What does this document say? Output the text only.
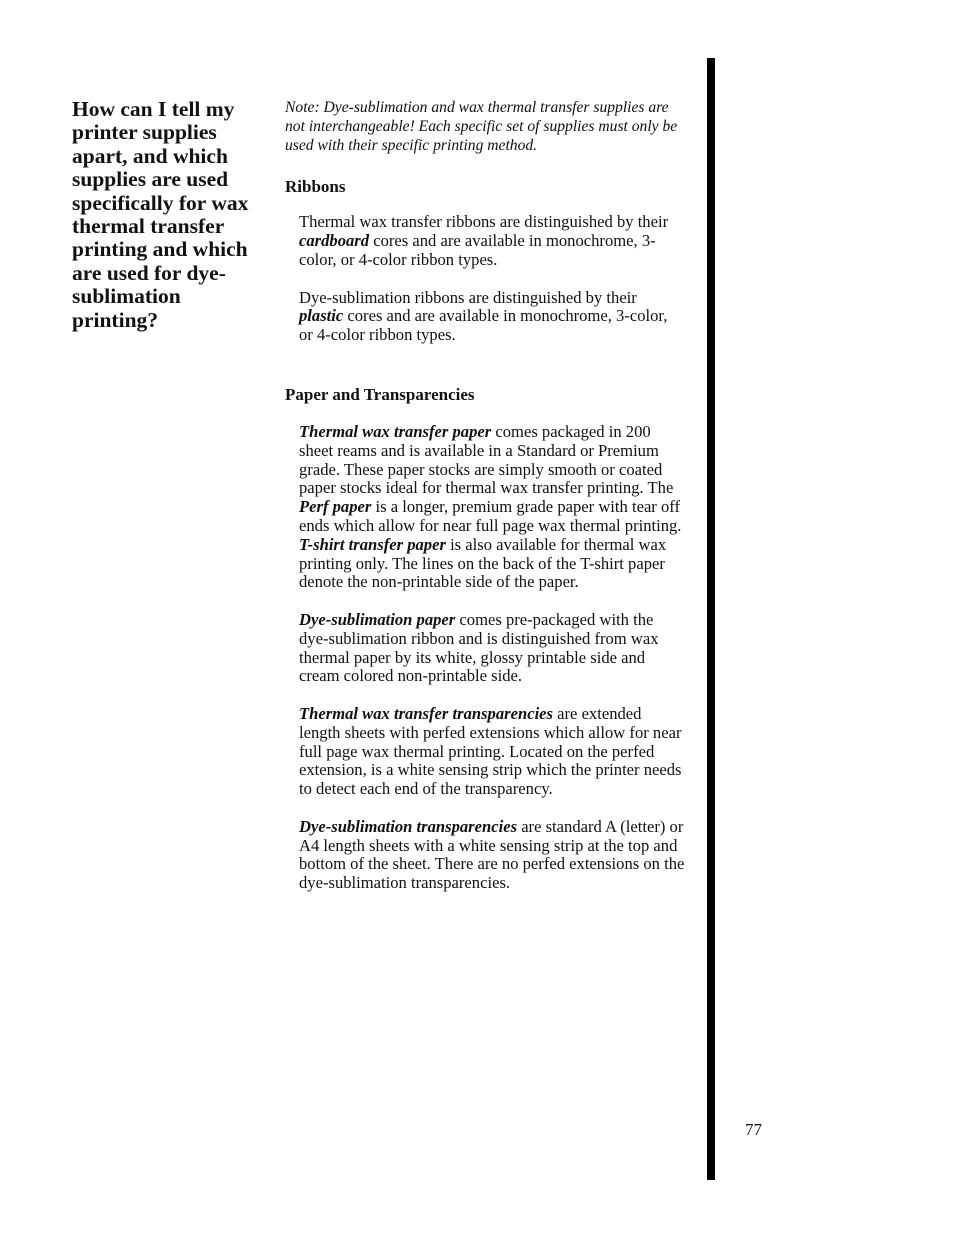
How can I tell my printer supplies apart, and which supplies are used specifically for wax thermal transfer printing and which are used for dye-sublimation printing?

Note: Dye-sublimation and wax thermal transfer supplies are not interchangeable! Each specific set of supplies must only be used with their specific printing method.

Ribbons

Thermal wax transfer ribbons are distinguished by their cardboard cores and are available in monochrome, 3-color, or 4-color ribbon types.

Dye-sublimation ribbons are distinguished by their plastic cores and are available in monochrome, 3-color, or 4-color ribbon types.

Paper and Transparencies

Thermal wax transfer paper comes packaged in 200 sheet reams and is available in a Standard or Premium grade. These paper stocks are simply smooth or coated paper stocks ideal for thermal wax transfer printing. The Perf paper is a longer, premium grade paper with tear off ends which allow for near full page wax thermal printing. T-shirt transfer paper is also available for thermal wax printing only. The lines on the back of the T-shirt paper denote the non-printable side of the paper.

Dye-sublimation paper comes pre-packaged with the dye-sublimation ribbon and is distinguished from wax thermal paper by its white, glossy printable side and cream colored non-printable side.

Thermal wax transfer transparencies are extended length sheets with perfed extensions which allow for near full page wax thermal printing. Located on the perfed extension, is a white sensing strip which the printer needs to detect each end of the transparency.

Dye-sublimation transparencies are standard A (letter) or A4 length sheets with a white sensing strip at the top and bottom of the sheet. There are no perfed extensions on the dye-sublimation transparencies.

77
